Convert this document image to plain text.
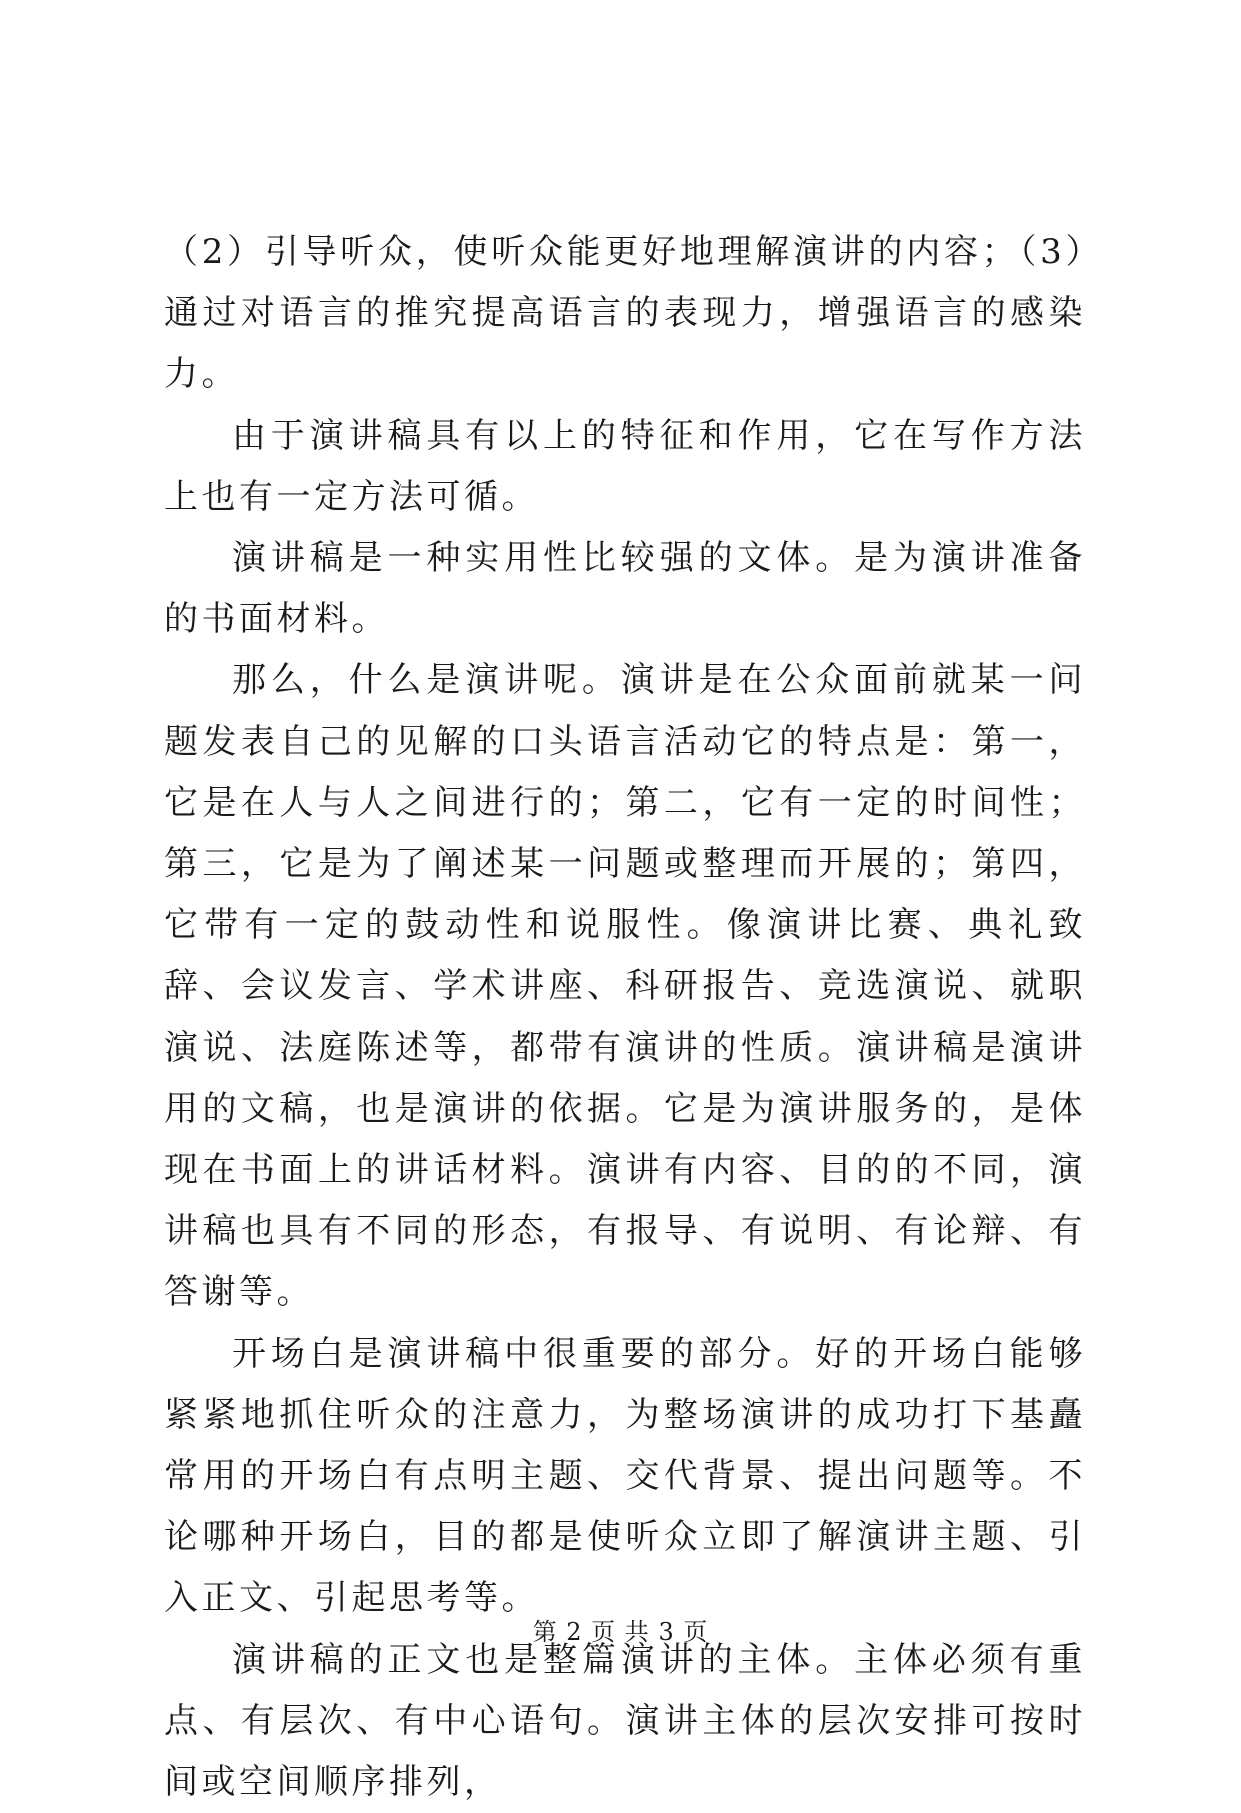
（2）引导听众，使听众能更好地理解演讲的内容；（3）通过对语言的推究提高语言的表现力，增强语言的感染力。

由于演讲稿具有以上的特征和作用，它在写作方法上也有一定方法可循。

演讲稿是一种实用性比较强的文体。是为演讲准备的书面材料。

那么，什么是演讲呢。演讲是在公众面前就某一问题发表自己的见解的口头语言活动它的特点是：第一，它是在人与人之间进行的；第二，它有一定的时间性；第三，它是为了阐述某一问题或整理而开展的；第四，它带有一定的鼓动性和说服性。像演讲比赛、典礼致辞、会议发言、学术讲座、科研报告、竞选演说、就职演说、法庭陈述等，都带有演讲的性质。演讲稿是演讲用的文稿，也是演讲的依据。它是为演讲服务的，是体现在书面上的讲话材料。演讲有内容、目的的不同，演讲稿也具有不同的形态，有报导、有说明、有论辩、有答谢等。

开场白是演讲稿中很重要的部分。好的开场白能够紧紧地抓住听众的注意力，为整场演讲的成功打下基矗常用的开场白有点明主题、交代背景、提出问题等。不论哪种开场白，目的都是使听众立即了解演讲主题、引入正文、引起思考等。

演讲稿的正文也是整篇演讲的主体。主体必须有重点、有层次、有中心语句。演讲主体的层次安排可按时间或空间顺序排列，

第 2 页 共 3 页
